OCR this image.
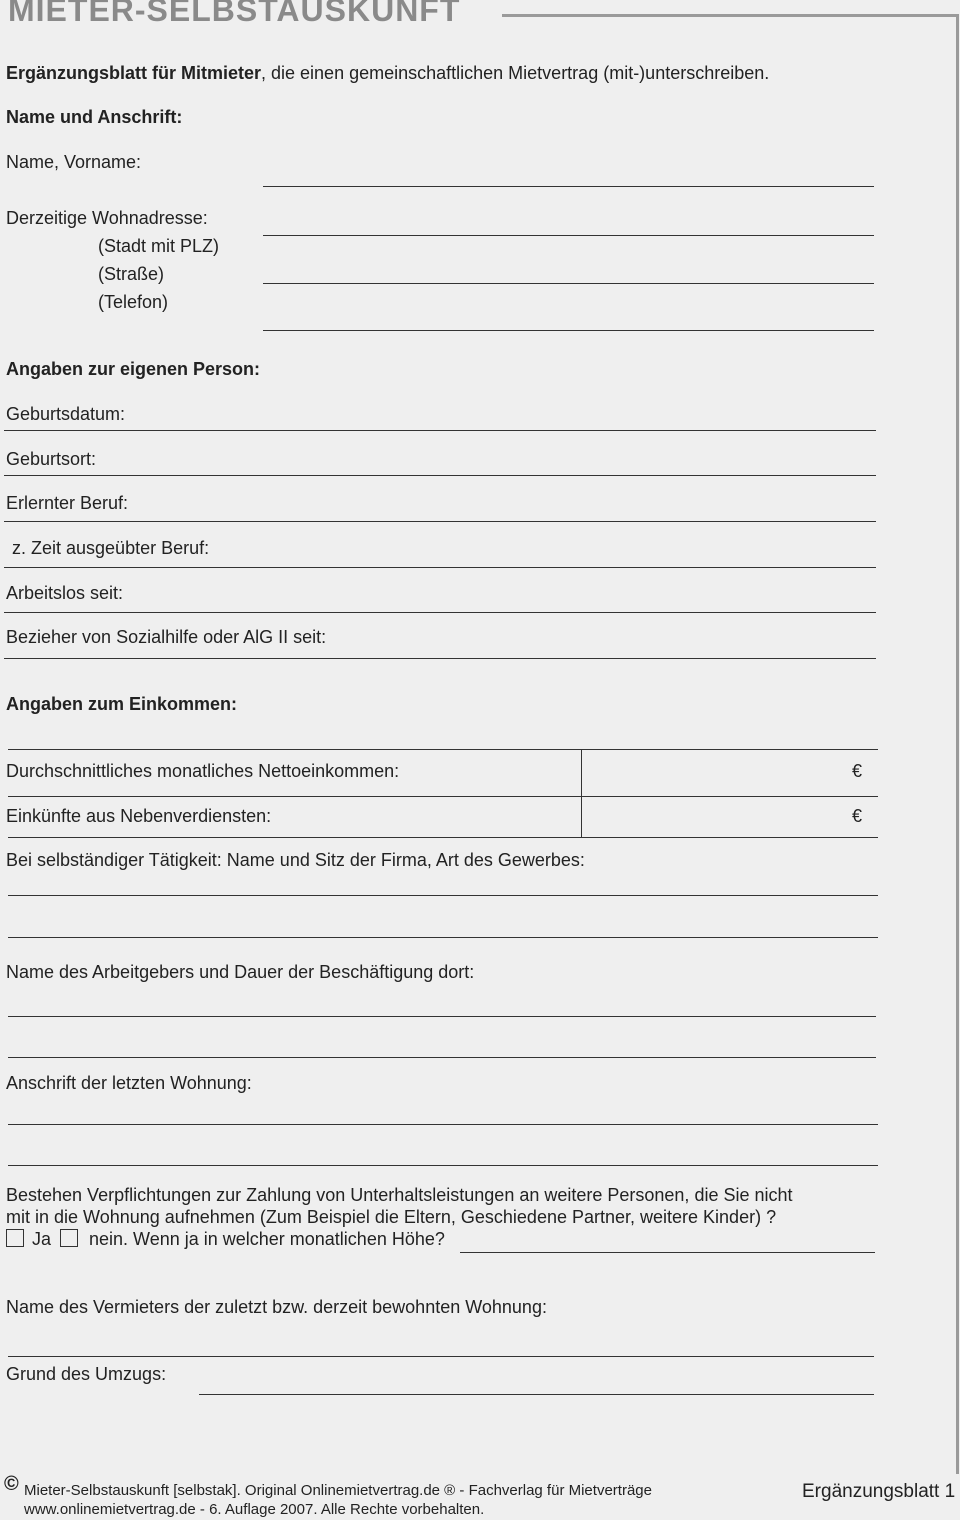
MIETER-SELBSTAUSKUNFT
Ergänzungsblatt für Mitmieter, die einen gemeinschaftlichen Mietvertrag (mit-)unterschreiben.
Name und Anschrift:
Name, Vorname:
Derzeitige Wohnadresse:
(Stadt mit PLZ)
(Straße)
(Telefon)
Angaben zur eigenen Person:
Geburtsdatum:
Geburtsort:
Erlernter Beruf:
z. Zeit ausgeübter Beruf:
Arbeitslos seit:
Bezieher von Sozialhilfe oder AlG II seit:
Angaben zum Einkommen:
Durchschnittliches monatliches Nettoeinkommen:	€
Einkünfte aus Nebenverdiensten:	€
Bei selbständiger Tätigkeit: Name und Sitz der Firma, Art des Gewerbes:
Name des Arbeitgebers und Dauer der Beschäftigung dort:
Anschrift der letzten Wohnung:
Bestehen Verpflichtungen zur Zahlung von Unterhaltsleistungen an weitere Personen, die Sie nicht
mit in die Wohnung aufnehmen (Zum Beispiel die Eltern, Geschiedene Partner, weitere Kinder) ?
Ja nein. Wenn ja in welcher monatlichen Höhe?
Name des Vermieters der zuletzt bzw. derzeit bewohnten Wohnung:
Grund des Umzugs:
© Mieter-Selbstauskunft [selbstak]. Original Onlinemietvertrag.de ® - Fachverlag für Mietverträge
www.onlinemietvertrag.de - 6. Auflage 2007. Alle Rechte vorbehalten.
Ergänzungsblatt 1
